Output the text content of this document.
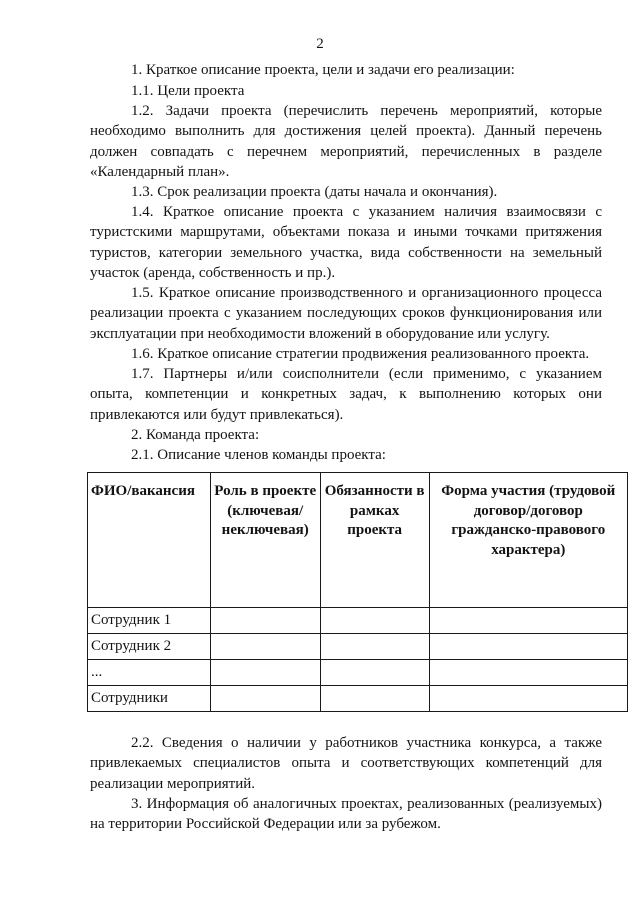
2

1. Краткое описание проекта, цели и задачи его реализации:

1.1. Цели проекта

1.2. Задачи проекта (перечислить перечень мероприятий, которые необходимо выполнить для достижения целей проекта). Данный перечень должен совпадать с перечнем мероприятий, перечисленных в разделе «Календарный план».

1.3. Срок реализации проекта (даты начала и окончания).

1.4. Краткое описание проекта с указанием наличия взаимосвязи с туристскими маршрутами, объектами показа и иными точками притяжения туристов, категории земельного участка, вида собственности на земельный участок (аренда, собственность и пр.).

1.5. Краткое описание производственного и организационного процесса реализации проекта с указанием последующих сроков функционирования или эксплуатации при необходимости вложений в оборудование или услугу.

1.6. Краткое описание стратегии продвижения реализованного проекта.

1.7. Партнеры и/или соисполнители (если применимо, с указанием опыта, компетенции и конкретных задач, к выполнению которых они привлекаются или будут привлекаться).

2. Команда проекта:

2.1. Описание членов команды проекта:

ФИО/вакансия	Роль в проекте (ключевая/ неключевая)	Обязанности в рамках проекта	Форма участия (трудовой договор/договор гражданско-правового характера)
Сотрудник 1			
Сотрудник 2			
...			
Сотрудники			

2.2. Сведения о наличии у работников участника конкурса, а также привлекаемых специалистов опыта и соответствующих компетенций для реализации мероприятий.

3. Информация об аналогичных проектах, реализованных (реализуемых) на территории Российской Федерации или за рубежом.
